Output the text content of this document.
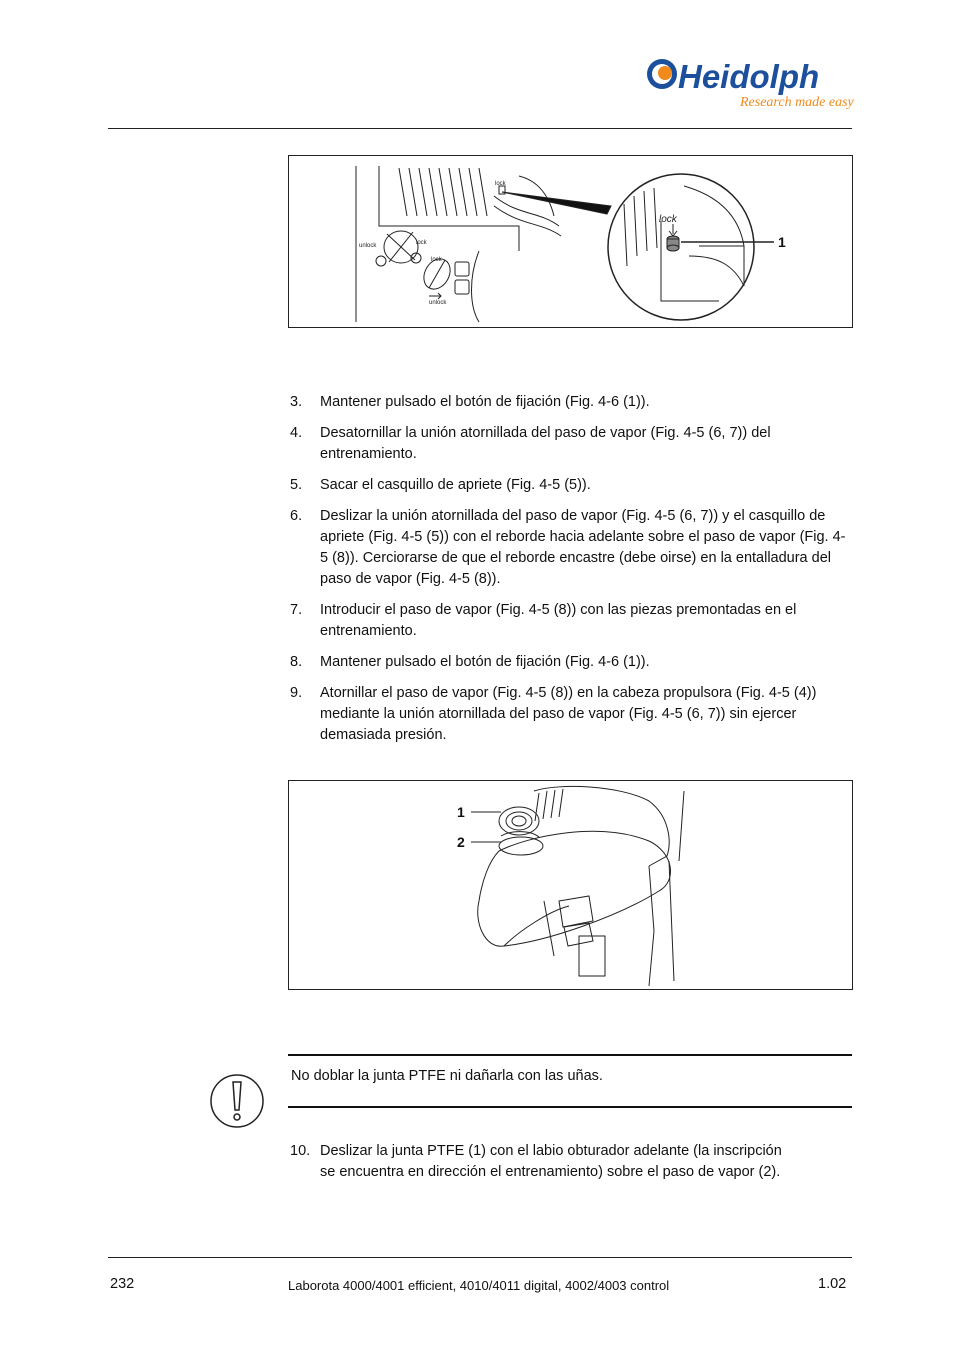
Heidolph
Research made easy
lock
unlock	lock
lock
unlock
lock
1
3. Mantener pulsado el botón de fijación (Fig. 4-6 (1)).
4. Desatornillar la unión atornillada del paso de vapor (Fig. 4-5 (6, 7)) del entrenamiento.
5. Sacar el casquillo de apriete (Fig. 4-5 (5)).
6. Deslizar la unión atornillada del paso de vapor (Fig. 4-5 (6, 7)) y el casquillo de apriete (Fig. 4-5 (5)) con el reborde hacia adelante sobre el paso de vapor (Fig. 4-5 (8)). Cerciorarse de que el reborde encastre (debe oirse) en la entalladura del paso de vapor (Fig. 4-5 (8)).
7. Introducir el paso de vapor (Fig. 4-5 (8)) con las piezas premontadas en el entrenamiento.
8. Mantener pulsado el botón de fijación (Fig. 4-6 (1)).
9. Atornillar el paso de vapor (Fig. 4-5 (8)) en la cabeza propulsora (Fig. 4-5 (4)) mediante la unión atornillada del paso de vapor (Fig. 4-5 (6, 7)) sin ejercer demasiada presión.
1
2
No doblar la junta PTFE ni dañarla con las uñas.
10. Deslizar la junta PTFE (1) con el labio obturador adelante (la inscripción                    se encuentra en dirección el entrenamiento) sobre el paso de vapor (2).
232	Laborota 4000/4001 efficient, 4010/4011 digital, 4002/4003 control	1.02
